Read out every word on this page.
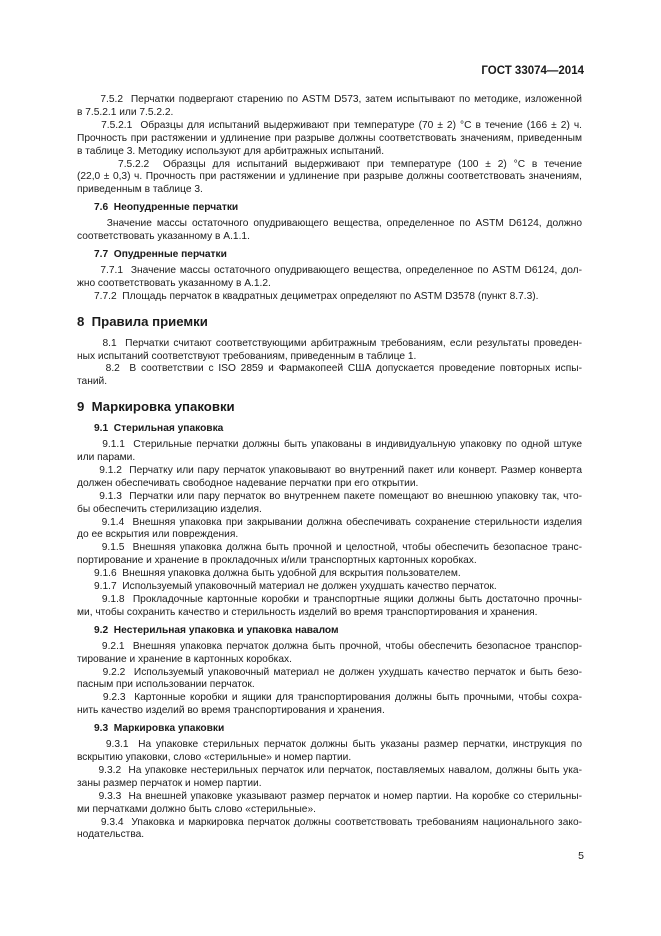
ГОСТ 33074—2014
7.5.2  Перчатки подвергают старению по ASTM D573, затем испытывают по методике, изложенной
в 7.5.2.1 или 7.5.2.2.
7.5.2.1  Образцы для испытаний выдерживают при температуре (70 ± 2) °С в течение (166 ± 2) ч.
Прочность при растяжении и удлинение при разрыве должны соответствовать значениям, приведенным
в таблице 3. Методику используют для арбитражных испытаний.
7.5.2.2  Образцы для испытаний выдерживают при температуре (100 ± 2) °С в течение
(22,0 ± 0,3) ч. Прочность при растяжении и удлинение при разрыве должны соответствовать значениям,
приведенным в таблице 3.
7.6  Неопудренные перчатки
Значение массы остаточного опудривающего вещества, определенное по ASTM D6124, должно
соответствовать указанному в А.1.1.
7.7  Опудренные перчатки
7.7.1  Значение массы остаточного опудривающего вещества, определенное по ASTM D6124, дол-
жно соответствовать указанному в А.1.2.
7.7.2  Площадь перчаток в квадратных дециметрах определяют по ASTM D3578 (пункт 8.7.3).
8  Правила приемки
8.1  Перчатки считают соответствующими арбитражным требованиям, если результаты проведен-
ных испытаний соответствуют требованиям, приведенным в таблице 1.
8.2  В соответствии с ISO 2859 и Фармакопеей США допускается проведение повторных испы-
таний.
9  Маркировка упаковки
9.1  Стерильная упаковка
9.1.1  Стерильные перчатки должны быть упакованы в индивидуальную упаковку по одной штуке
или парами.
9.1.2  Перчатку или пару перчаток упаковывают во внутренний пакет или конверт. Размер конверта
должен обеспечивать свободное надевание перчатки при его открытии.
9.1.3  Перчатки или пару перчаток во внутреннем пакете помещают во внешнюю упаковку так, что-
бы обеспечить стерилизацию изделия.
9.1.4  Внешняя упаковка при закрывании должна обеспечивать сохранение стерильности изделия
до ее вскрытия или повреждения.
9.1.5  Внешняя упаковка должна быть прочной и целостной, чтобы обеспечить безопасное транс-
портирование и хранение в прокладочных и/или транспортных картонных коробках.
9.1.6  Внешняя упаковка должна быть удобной для вскрытия пользователем.
9.1.7  Используемый упаковочный материал не должен ухудшать качество перчаток.
9.1.8  Прокладочные картонные коробки и транспортные ящики должны быть достаточно прочны-
ми, чтобы сохранить качество и стерильность изделий во время транспортирования и хранения.
9.2  Нестерильная упаковка и упаковка навалом
9.2.1  Внешняя упаковка перчаток должна быть прочной, чтобы обеспечить безопасное транспор-
тирование и хранение в картонных коробках.
9.2.2  Используемый упаковочный материал не должен ухудшать качество перчаток и быть безо-
пасным при использовании перчаток.
9.2.3  Картонные коробки и ящики для транспортирования должны быть прочными, чтобы сохра-
нить качество изделий во время транспортирования и хранения.
9.3  Маркировка упаковки
9.3.1  На упаковке стерильных перчаток должны быть указаны размер перчатки, инструкция по
вскрытию упаковки, слово «стерильные» и номер партии.
9.3.2  На упаковке нестерильных перчаток или перчаток, поставляемых навалом, должны быть ука-
заны размер перчаток и номер партии.
9.3.3  На внешней упаковке указывают размер перчаток и номер партии. На коробке со стерильны-
ми перчатками должно быть слово «стерильные».
9.3.4  Упаковка и маркировка перчаток должны соответствовать требованиям национального зако-
нодательства.
5
